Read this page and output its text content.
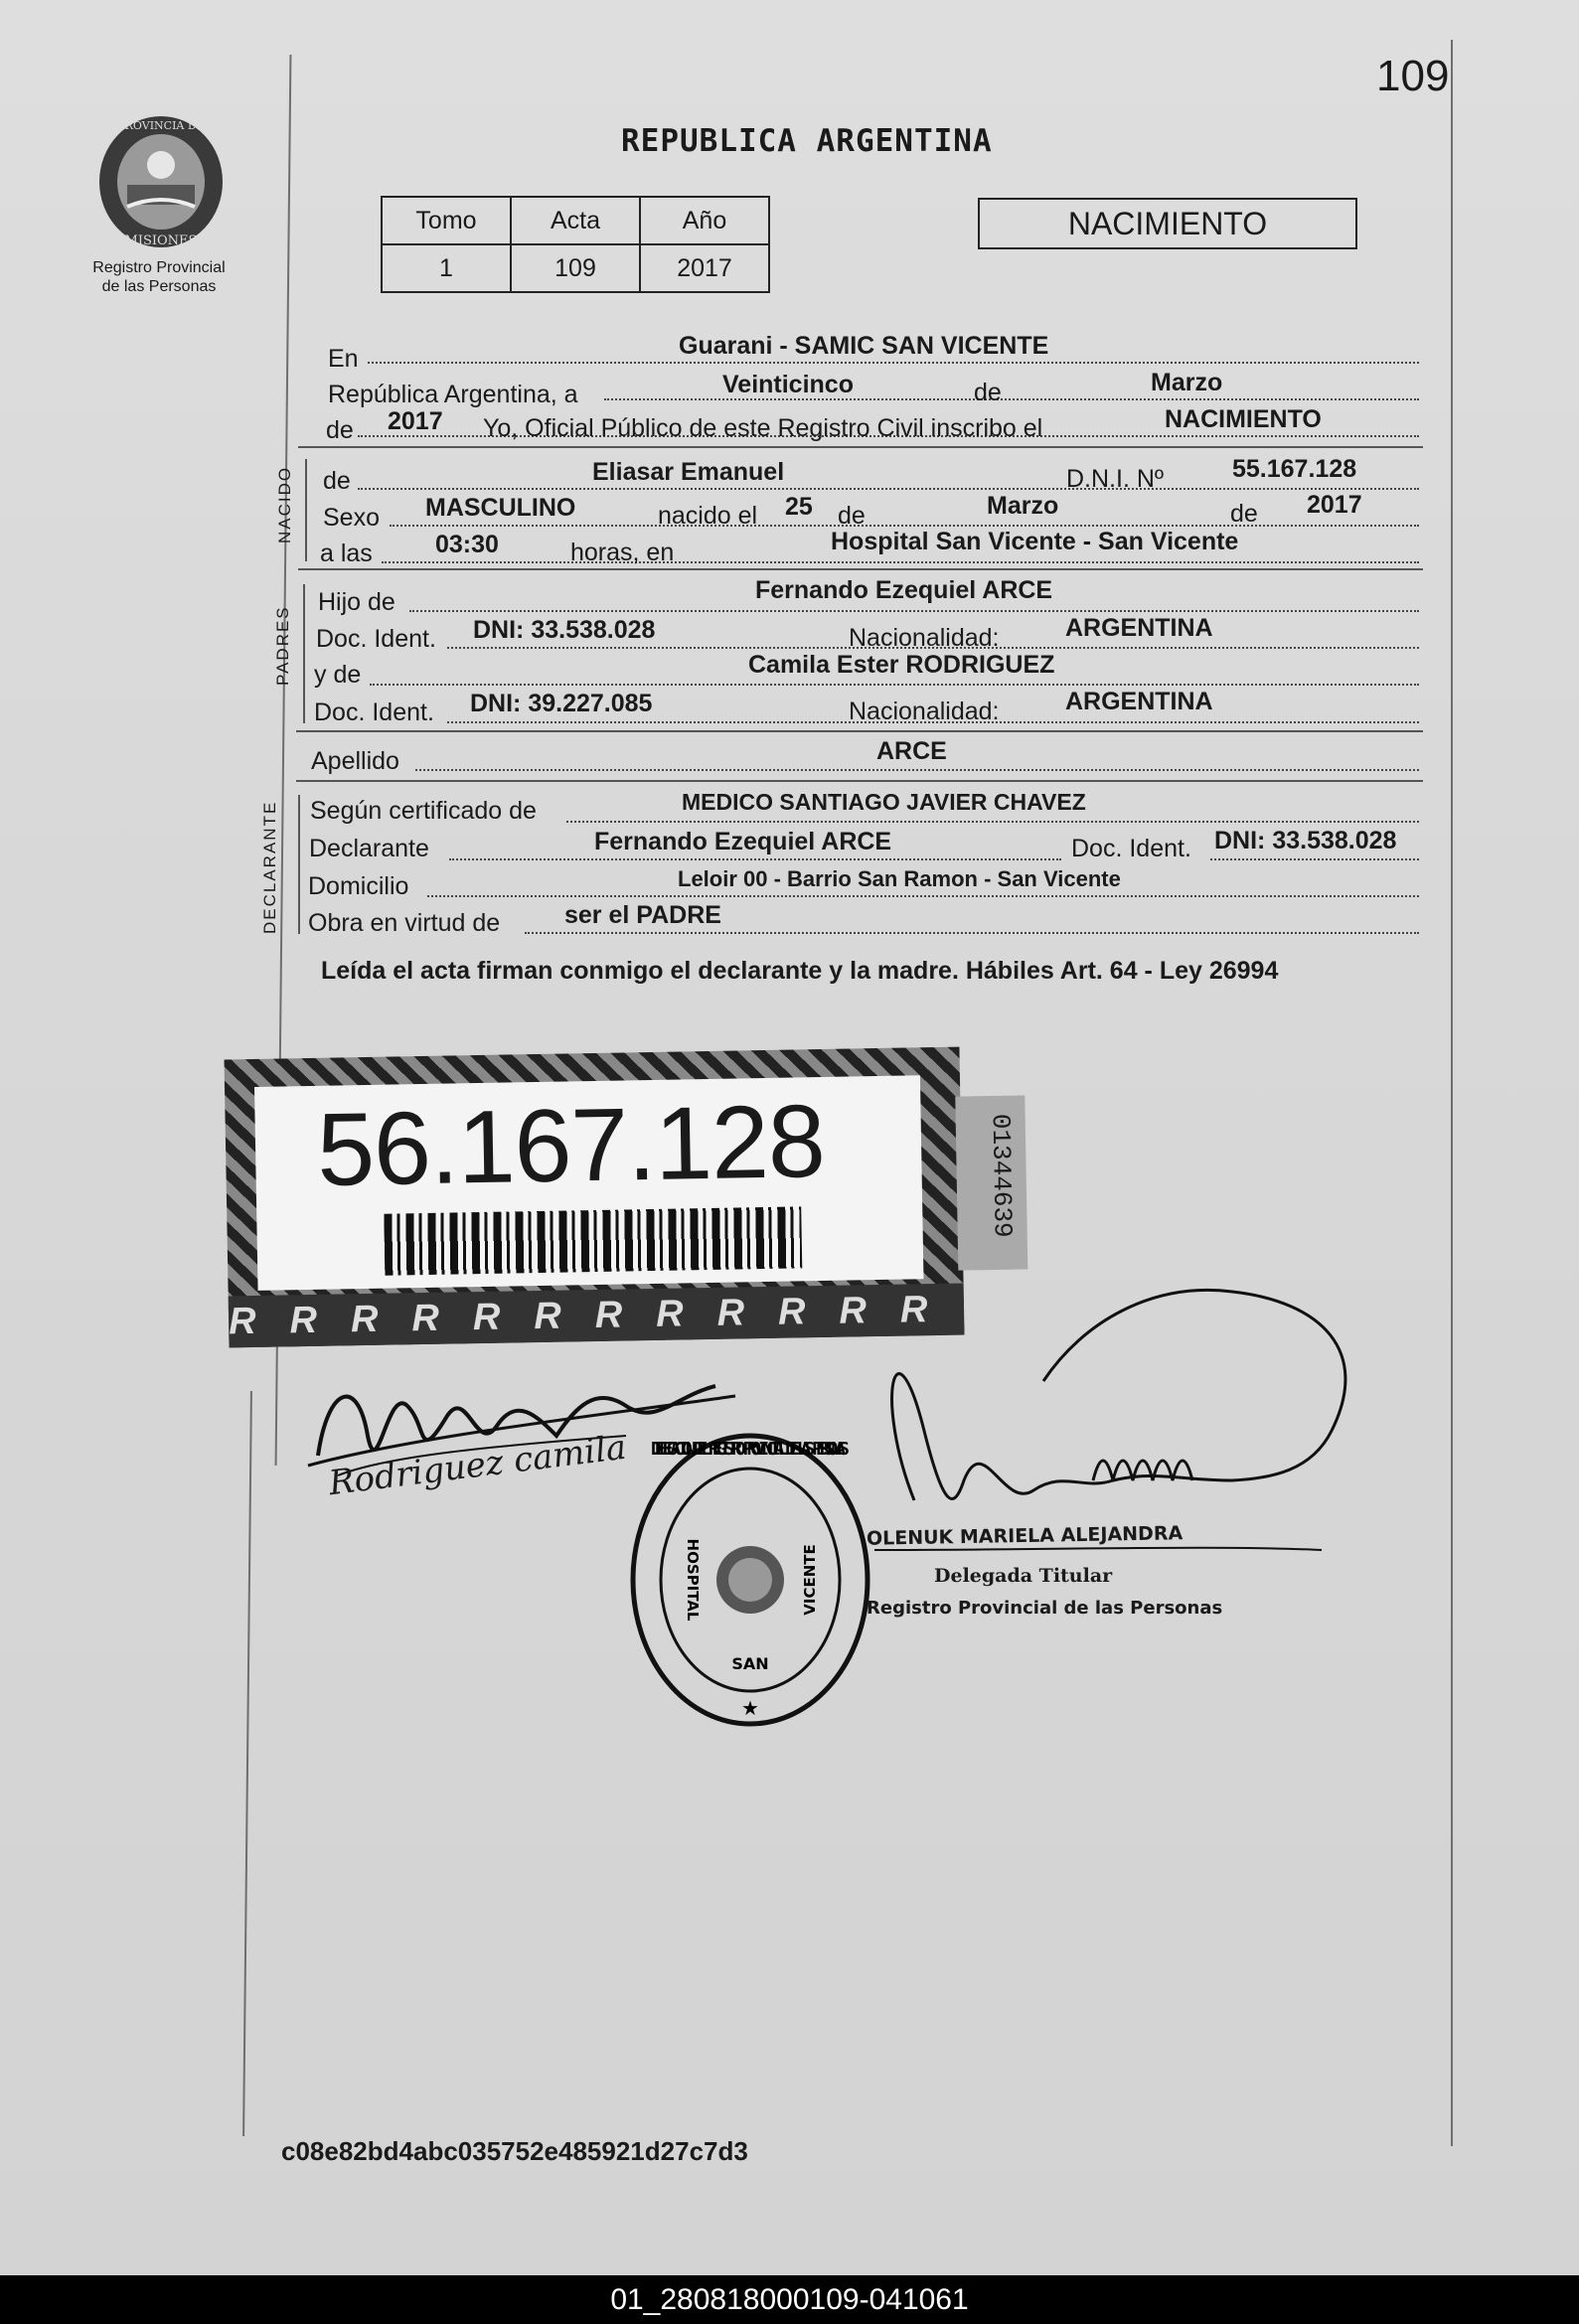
109
PROVINCIA DE
MISIONES
Registro Provincial
de las Personas
REPUBLICA ARGENTINA
Tomo	Acta	Año
1	109	2017
NACIMIENTO
En	Guarani - SAMIC SAN VICENTE
República Argentina, a	Veinticinco	de	Marzo
de 2017 Yo, Oficial Público de este Registro Civil inscribo el	NACIMIENTO
NACIDO de	Eliasar Emanuel	D.N.I. Nº	55.167.128
Sexo MASCULINO	nacido el 25 de	Marzo	de 2017
a las	03:30	horas, en	Hospital San Vicente - San Vicente
PADRES
Hijo de	Fernando Ezequiel ARCE
Doc. Ident. DNI: 33.538.028	Nacionalidad:	ARGENTINA
y de	Camila Ester RODRIGUEZ
Doc. Ident. DNI: 39.227.085	Nacionalidad:	ARGENTINA
Apellido	ARCE
DECLARANTE Según certificado de	MEDICO SANTIAGO JAVIER CHAVEZ
Declarante	Fernando Ezequiel ARCE	Doc. Ident. DNI: 33.538.028
Domicilio	Leloir 00 - Barrio San Ramon - San Vicente
Obra en virtud de	ser el PADRE
Leída el acta firman conmigo el declarante y la madre. Hábiles Art. 64 - Ley 26994
56.167.128	01344639
RRRRRRRRRRRR
Rodriguez camila DELEGACION DEL REGISTRO PROVINCIAL DE LAS PERSONAS
SAN
HOSPITAL	VICENTE
★
OLENUK MARIELA ALEJANDRA
Delegada Titular
Registro Provincial de las Personas
c08e82bd4abc035752e485921d27c7d3
01_280818000109-041061
